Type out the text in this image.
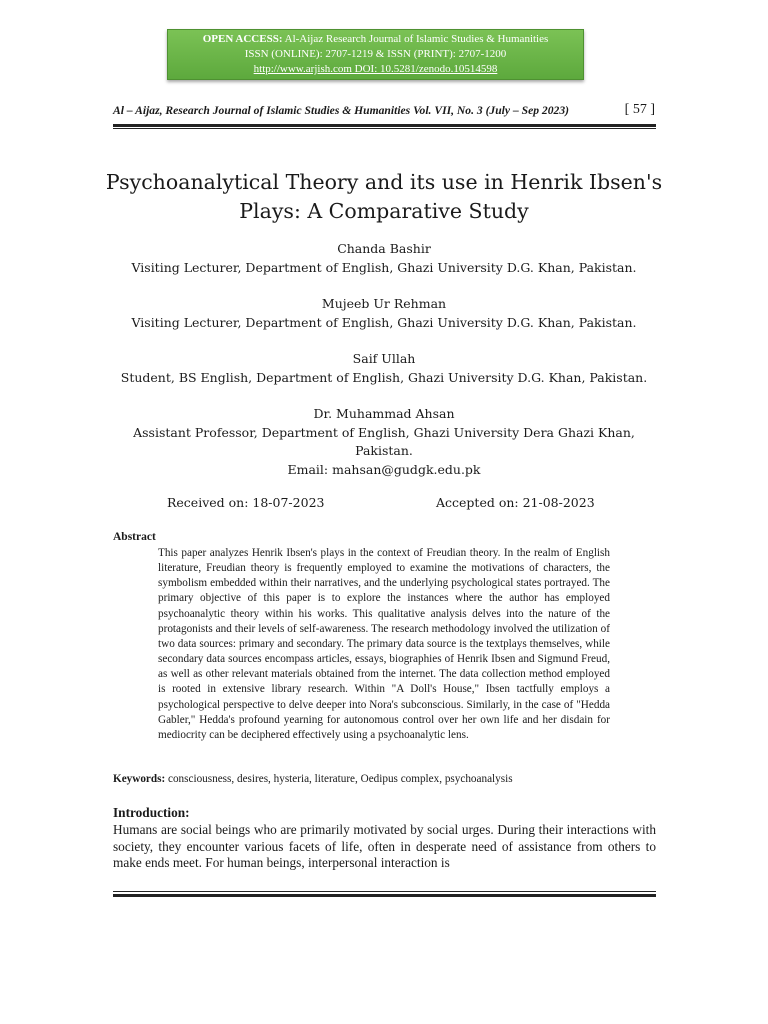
OPEN ACCESS: Al-Aijaz Research Journal of Islamic Studies & Humanities
ISSN (ONLINE): 2707-1219 & ISSN (PRINT): 2707-1200
http://www.arjish.com DOI: 10.5281/zenodo.10514598
Al – Aijaz, Research Journal of Islamic Studies & Humanities Vol. VII, No. 3 (July – Sep 2023)	[ 57 ]
Psychoanalytical Theory and its use in Henrik Ibsen's
Plays: A Comparative Study
Chanda Bashir
Visiting Lecturer, Department of English, Ghazi University D.G. Khan, Pakistan.
Mujeeb Ur Rehman
Visiting Lecturer, Department of English, Ghazi University D.G. Khan, Pakistan.
Saif Ullah
Student, BS English, Department of English, Ghazi University D.G. Khan, Pakistan.
Dr. Muhammad Ahsan
Assistant Professor, Department of English, Ghazi University Dera Ghazi Khan,
Pakistan.
Email: mahsan@gudgk.edu.pk
Received on: 18-07-2023	Accepted on: 21-08-2023
Abstract
This paper analyzes Henrik Ibsen's plays in the context of Freudian theory. In the realm of English literature, Freudian theory is frequently employed to examine the motivations of characters, the symbolism embedded within their narratives, and the underlying psychological states portrayed. The primary objective of this paper is to explore the instances where the author has employed psychoanalytic theory within his works. This qualitative analysis delves into the nature of the protagonists and their levels of self-awareness. The research methodology involved the utilization of two data sources: primary and secondary. The primary data source is the textplays themselves, while secondary data sources encompass articles, essays, biographies of Henrik Ibsen and Sigmund Freud, as well as other relevant materials obtained from the internet. The data collection method employed is rooted in extensive library research. Within "A Doll's House," Ibsen tactfully employs a psychological perspective to delve deeper into Nora's subconscious. Similarly, in the case of "Hedda Gabler," Hedda's profound yearning for autonomous control over her own life and her disdain for mediocrity can be deciphered effectively using a psychoanalytic lens.
Keywords: consciousness, desires, hysteria, literature, Oedipus complex, psychoanalysis
Introduction:
Humans are social beings who are primarily motivated by social urges. During their interactions with society, they encounter various facets of life, often in desperate need of assistance from others to make ends meet. For human beings, interpersonal interaction is
